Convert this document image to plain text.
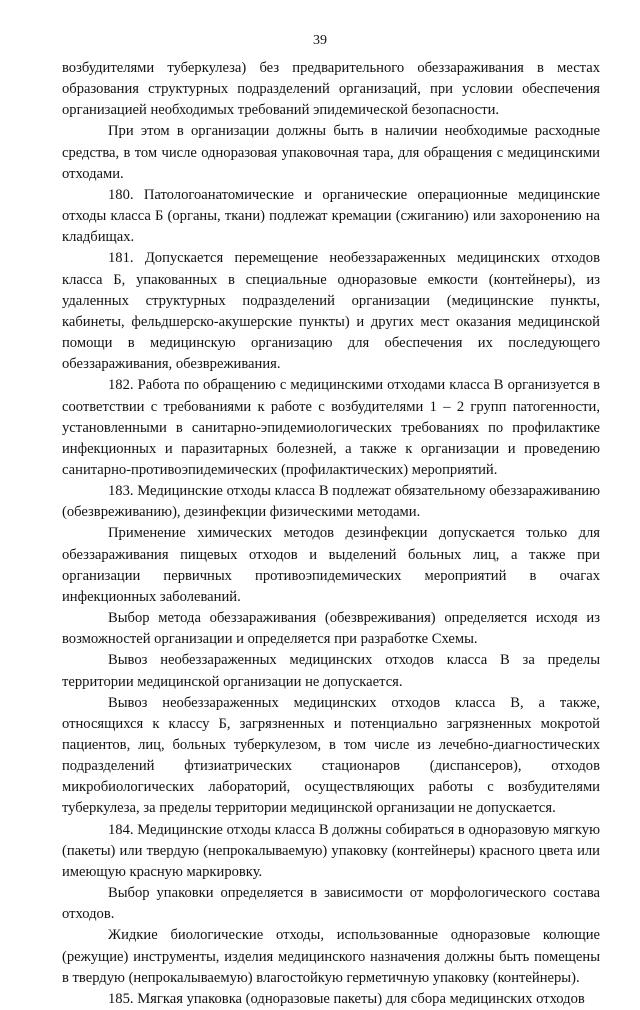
39

возбудителями туберкулеза) без предварительного обеззараживания в местах образования структурных подразделений организаций, при условии обеспечения организацией необходимых требований эпидемической безопасности.

При этом в организации должны быть в наличии необходимые расходные средства, в том числе одноразовая упаковочная тара, для обращения с медицинскими отходами.

180. Патологоанатомические и органические операционные медицинские отходы класса Б (органы, ткани) подлежат кремации (сжиганию) или захоронению на кладбищах.

181. Допускается перемещение необеззараженных медицинских отходов класса Б, упакованных в специальные одноразовые емкости (контейнеры), из удаленных структурных подразделений организации (медицинские пункты, кабинеты, фельдшерско-акушерские пункты) и других мест оказания медицинской помощи в медицинскую организацию для обеспечения их последующего обеззараживания, обезвреживания.

182. Работа по обращению с медицинскими отходами класса В организуется в соответствии с требованиями к работе с возбудителями 1 – 2 групп патогенности, установленными в санитарно-эпидемиологических требованиях по профилактике инфекционных и паразитарных болезней, а также к организации и проведению санитарно-противоэпидемических (профилактических) мероприятий.

183. Медицинские отходы класса В подлежат обязательному обеззараживанию (обезвреживанию), дезинфекции физическими методами.

Применение химических методов дезинфекции допускается только для обеззараживания пищевых отходов и выделений больных лиц, а также при организации первичных противоэпидемических мероприятий в очагах инфекционных заболеваний.

Выбор метода обеззараживания (обезвреживания) определяется исходя из возможностей организации и определяется при разработке Схемы.

Вывоз необеззараженных медицинских отходов класса В за пределы территории медицинской организации не допускается.

Вывоз необеззараженных медицинских отходов класса В, а также, относящихся к классу Б, загрязненных и потенциально загрязненных мокротой пациентов, лиц, больных туберкулезом, в том числе из лечебно-диагностических подразделений фтизиатрических стационаров (диспансеров), отходов микробиологических лабораторий, осуществляющих работы с возбудителями туберкулеза, за пределы территории медицинской организации не допускается.

184. Медицинские отходы класса В должны собираться в одноразовую мягкую (пакеты) или твердую (непрокалываемую) упаковку (контейнеры) красного цвета или имеющую красную маркировку.

Выбор упаковки определяется в зависимости от морфологического состава отходов.

Жидкие биологические отходы, использованные одноразовые колющие (режущие) инструменты, изделия медицинского назначения должны быть помещены в твердую (непрокалываемую) влагостойкую герметичную упаковку (контейнеры).

185. Мягкая упаковка (одноразовые пакеты) для сбора медицинских отходов
